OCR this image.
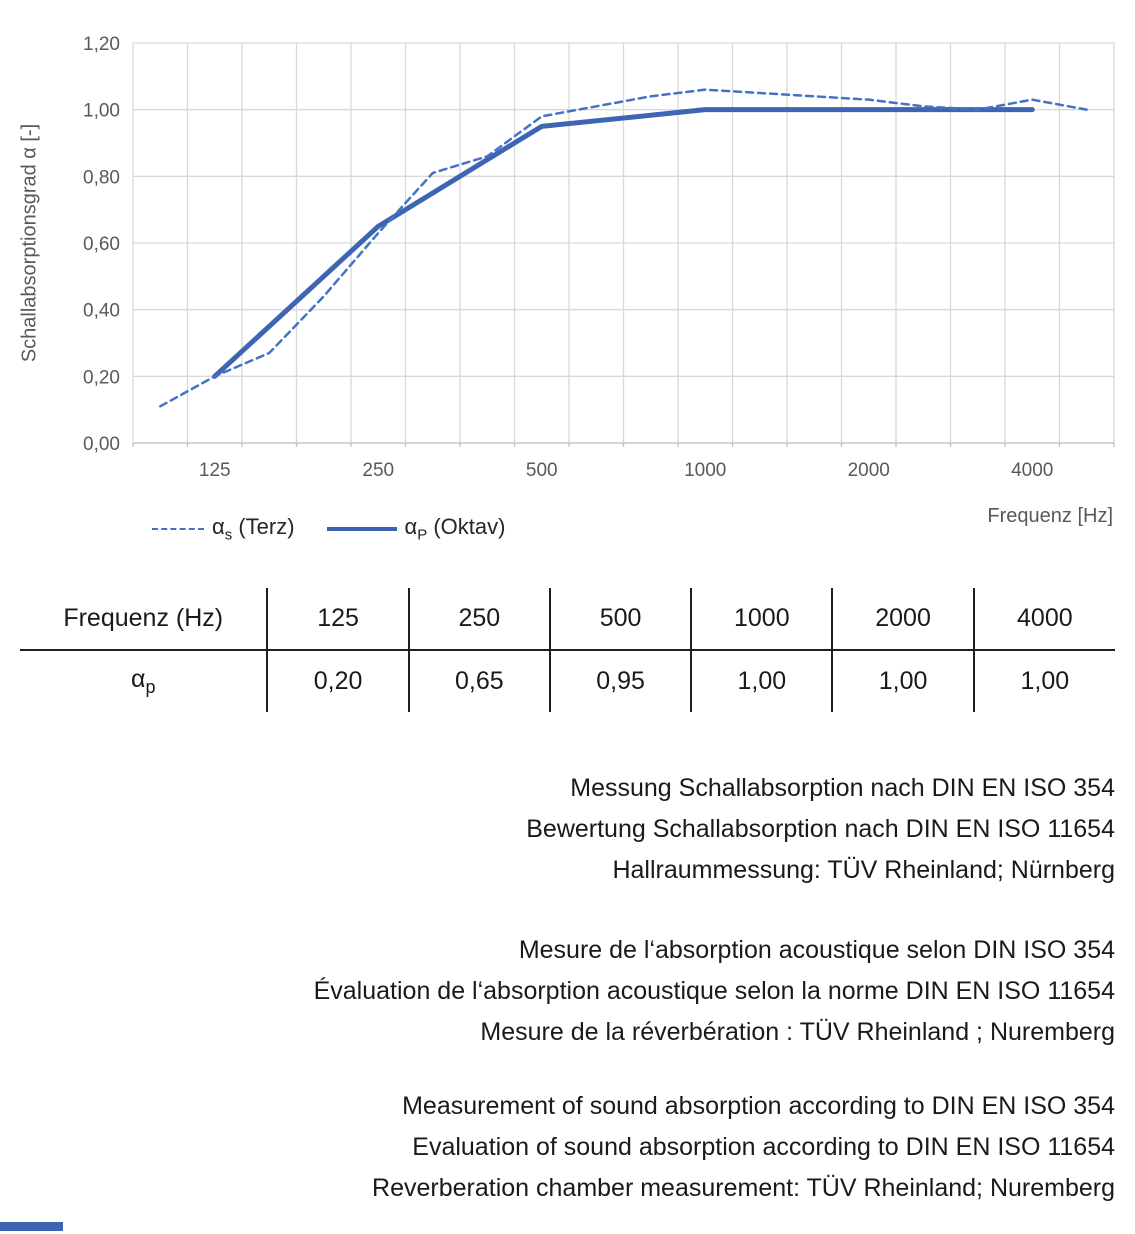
Schallabsorptionsgrad α [-]
0,00
0,20
0,40
0,60
0,80
1,00
1,20
125	250	500	1000	2000	4000
Frequenz [Hz]
$\alpha_s$ (Terz)	$\alpha_P$ (Oktav)
Frequenz (Hz)	125	250	500	1000	2000	4000
$\alpha_p$	0,20	0,65	0,95	1,00	1,00	1,00
Messung Schallabsorption nach DIN EN ISO 354
Bewertung Schallabsorption nach DIN EN ISO 11654
Hallraummessung: TÜV Rheinland; Nürnberg
Mesure de l‘absorption acoustique selon DIN ISO 354
Évaluation de l‘absorption acoustique selon la norme DIN EN ISO 11654
Mesure de la réverbération : TÜV Rheinland ; Nuremberg
Measurement of sound absorption according to DIN EN ISO 354
Evaluation of sound absorption according to DIN EN ISO 11654
Reverberation chamber measurement: TÜV Rheinland; Nuremberg
